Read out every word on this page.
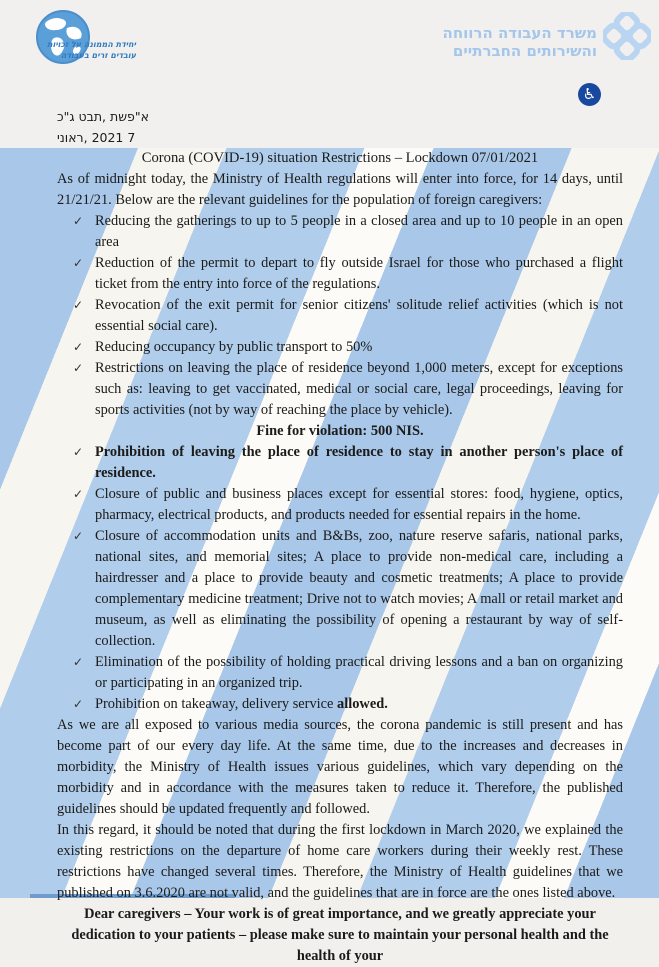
יחידת הממונה על זכויות
עובדים זרים בעבודה
משרד העבודה הרווחה
והשירותים החברתיים
♿
כ"ג טבת, תשפ"א
ינואר, 2021 7
Corona (COVID-19) situation Restrictions – Lockdown 07/01/2021

As of midnight today, the Ministry of Health regulations will enter into force, for 14 days, until 21/21/21. Below are the relevant guidelines for the population of foreign caregivers:

✓ Reducing the gatherings to up to 5 people in a closed area and up to 10 people in an open area
✓ Reduction of the permit to depart to fly outside Israel for those who purchased a flight ticket from the entry into force of the regulations.
✓ Revocation of the exit permit for senior citizens' solitude relief activities (which is not essential social care).
✓ Reducing occupancy by public transport to 50%
✓ Restrictions on leaving the place of residence beyond 1,000 meters, except for exceptions such as: leaving to get vaccinated, medical or social care, legal proceedings, leaving for sports activities (not by way of reaching the place by vehicle).

Fine for violation: 500 NIS.

✓ Prohibition of leaving the place of residence to stay in another person's place of residence.
✓ Closure of public and business places except for essential stores: food, hygiene, optics, pharmacy, electrical products, and products needed for essential repairs in the home.
✓ Closure of accommodation units and B&Bs, zoo, nature reserve safaris, national parks, national sites, and memorial sites; A place to provide non-medical care, including a hairdresser and a place to provide beauty and cosmetic treatments; A place to provide complementary medicine treatment; Drive not to watch movies; A mall or retail market and museum, as well as eliminating the possibility of opening a restaurant by way of self-collection.
✓ Elimination of the possibility of holding practical driving lessons and a ban on organizing or participating in an organized trip.
✓ Prohibition on takeaway, delivery service allowed.

As we are all exposed to various media sources, the corona pandemic is still present and has become part of our every day life. At the same time, due to the increases and decreases in morbidity, the Ministry of Health issues various guidelines, which vary depending on the morbidity and in accordance with the measures taken to reduce it. Therefore, the published guidelines should be updated frequently and followed.

In this regard, it should be noted that during the first lockdown in March 2020, we explained the existing restrictions on the departure of home care workers during their weekly rest. These restrictions have changed several times. Therefore, the Ministry of Health guidelines that we published on 3.6.2020 are not valid, and the guidelines that are in force are the ones listed above.

Dear caregivers – Your work is of great importance, and we greatly appreciate your dedication to your patients – please make sure to maintain your personal health and the health of your
